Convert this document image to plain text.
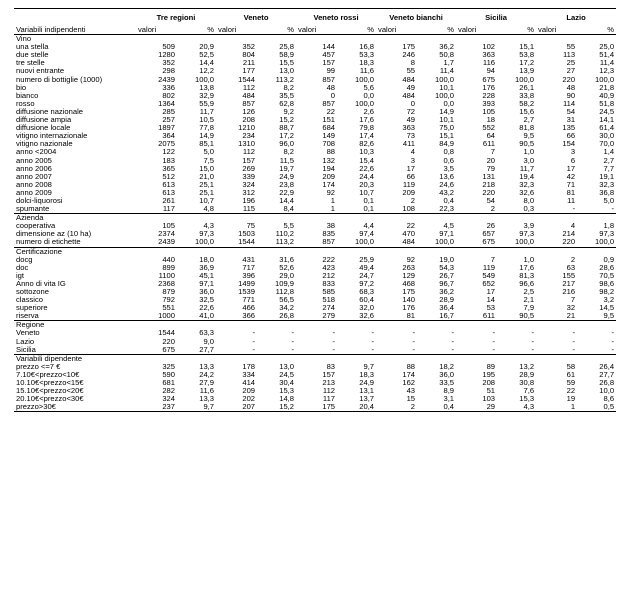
	Tre regioni		Veneto		Veneto rossi		Veneto bianchi		Sicilia		Lazio	
Variabili indipendenti	valori	%	valori	%	valori	%	valori	%	valori	%	valori	%
Vino												
una stella	509	20,9	352	25,8	144	16,8	175	36,2	102	15,1	55	25,0
due stelle	1280	52,5	804	58,9	457	53,3	246	50,8	363	53,8	113	51,4
tre stelle	352	14,4	211	15,5	157	18,3	8	1,7	116	17,2	25	11,4
nuovi entrante	298	12,2	177	13,0	99	11,6	55	11,4	94	13,9	27	12,3
numero di bottiglie (1000)	2439	100,0	1544	113,2	857	100,0	484	100,0	675	100,0	220	100,0
bio	336	13,8	112	8,2	48	5,6	49	10,1	176	26,1	48	21,8
bianco	802	32,9	484	35,5	0	0,0	484	100,0	228	33,8	90	40,9
rosso	1364	55,9	857	62,8	857	100,0	0	0,0	393	58,2	114	51,8
diffusione nazionale	285	11,7	126	9,2	22	2,6	72	14,9	105	15,6	54	24,5
diffusione ampia	257	10,5	208	15,2	151	17,6	49	10,1	18	2,7	31	14,1
diffusione locale	1897	77,8	1210	88,7	684	79,8	363	75,0	552	81,8	135	61,4
vitigno internazionale	364	14,9	234	17,2	149	17,4	73	15,1	64	9,5	66	30,0
vitigno nazionale	2075	85,1	1310	96,0	708	82,6	411	84,9	611	90,5	154	70,0
anno <2004	122	5,0	112	8,2	88	10,3	4	0,8	7	1,0	3	1,4
anno 2005	183	7,5	157	11,5	132	15,4	3	0,6	20	3,0	6	2,7
anno 2006	365	15,0	269	19,7	194	22,6	17	3,5	79	11,7	17	7,7
anno 2007	512	21,0	339	24,9	209	24,4	66	13,6	131	19,4	42	19,1
anno 2008	613	25,1	324	23,8	174	20,3	119	24,6	218	32,3	71	32,3
anno 2009	613	25,1	312	22,9	92	10,7	209	43,2	220	32,6	81	36,8
dolci-liquorosi	261	10,7	196	14,4	1	0,1	2	0,4	54	8,0	11	5,0
spumante	117	4,8	115	8,4	1	0,1	108	22,3	2	0,3	-	-
Azienda												
cooperativa	105	4,3	75	5,5	38	4,4	22	4,5	26	3,9	4	1,8
dimensione az (10 ha)	2374	97,3	1503	110,2	835	97,4	470	97,1	657	97,3	214	97,3
numero di etichette	2439	100,0	1544	113,2	857	100,0	484	100,0	675	100,0	220	100,0
Certificazione												
docg	440	18,0	431	31,6	222	25,9	92	19,0	7	1,0	2	0,9
doc	899	36,9	717	52,6	423	49,4	263	54,3	119	17,6	63	28,6
igt	1100	45,1	396	29,0	212	24,7	129	26,7	549	81,3	155	70,5
Anno di vita IG	2368	97,1	1499	109,9	833	97,2	468	96,7	652	96,6	217	98,6
sottozone	879	36,0	1539	112,8	585	68,3	175	36,2	17	2,5	216	98,2
classico	792	32,5	771	56,5	518	60,4	140	28,9	14	2,1	7	3,2
superiore	551	22,6	466	34,2	274	32,0	176	36,4	53	7,9	32	14,5
riserva	1000	41,0	366	26,8	279	32,6	81	16,7	611	90,5	21	9,5
Regione												
Veneto	1544	63,3	-	-	-	-	-	-	-	-	-	-
Lazio	220	9,0	-	-	-	-	-	-	-	-	-	-
Sicilia	675	27,7	-	-	-	-	-	-	-	-	-	-
Variabili dipendente												
prezzo <=7 €	325	13,3	178	13,0	83	9,7	88	18,2	89	13,2	58	26,4
7.10€<prezzo<10€	590	24,2	334	24,5	157	18,3	174	36,0	195	28,9	61	27,7
10.10€<prezzo<15€	681	27,9	414	30,4	213	24,9	162	33,5	208	30,8	59	26,8
15.10€<prezzo<20€	282	11,6	209	15,3	112	13,1	43	8,9	51	7,6	22	10,0
20.10€<prezzo<30€	324	13,3	202	14,8	117	13,7	15	3,1	103	15,3	19	8,6
prezzo>30€	237	9,7	207	15,2	175	20,4	2	0,4	29	4,3	1	0,5
